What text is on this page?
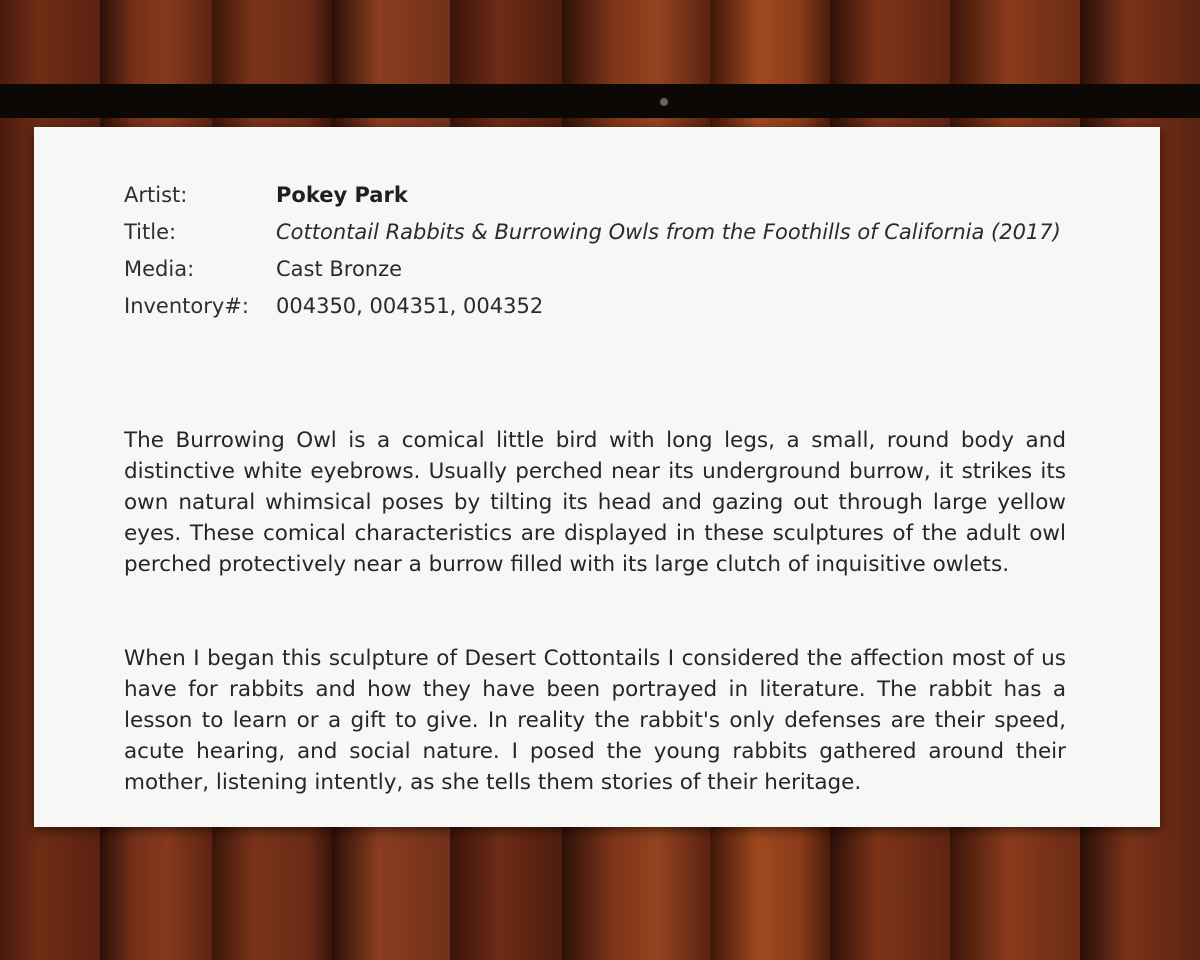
Artist:	Pokey Park
Title:	Cottontail Rabbits & Burrowing Owls from the Foothills of California (2017)
Media:	Cast Bronze
Inventory#:	004350, 004351, 004352

The Burrowing Owl is a comical little bird with long legs, a small, round body and distinctive white eyebrows. Usually perched near its underground burrow, it strikes its own natural whimsical poses by tilting its head and gazing out through large yellow eyes. These comical characteristics are displayed in these sculptures of the adult owl perched protectively near a burrow filled with its large clutch of inquisitive owlets.

When I began this sculpture of Desert Cottontails I considered the affection most of us have for rabbits and how they have been portrayed in literature. The rabbit has a lesson to learn or a gift to give. In reality the rabbit's only defenses are their speed, acute hearing, and social nature. I posed the young rabbits gathered around their mother, listening intently, as she tells them stories of their heritage.
